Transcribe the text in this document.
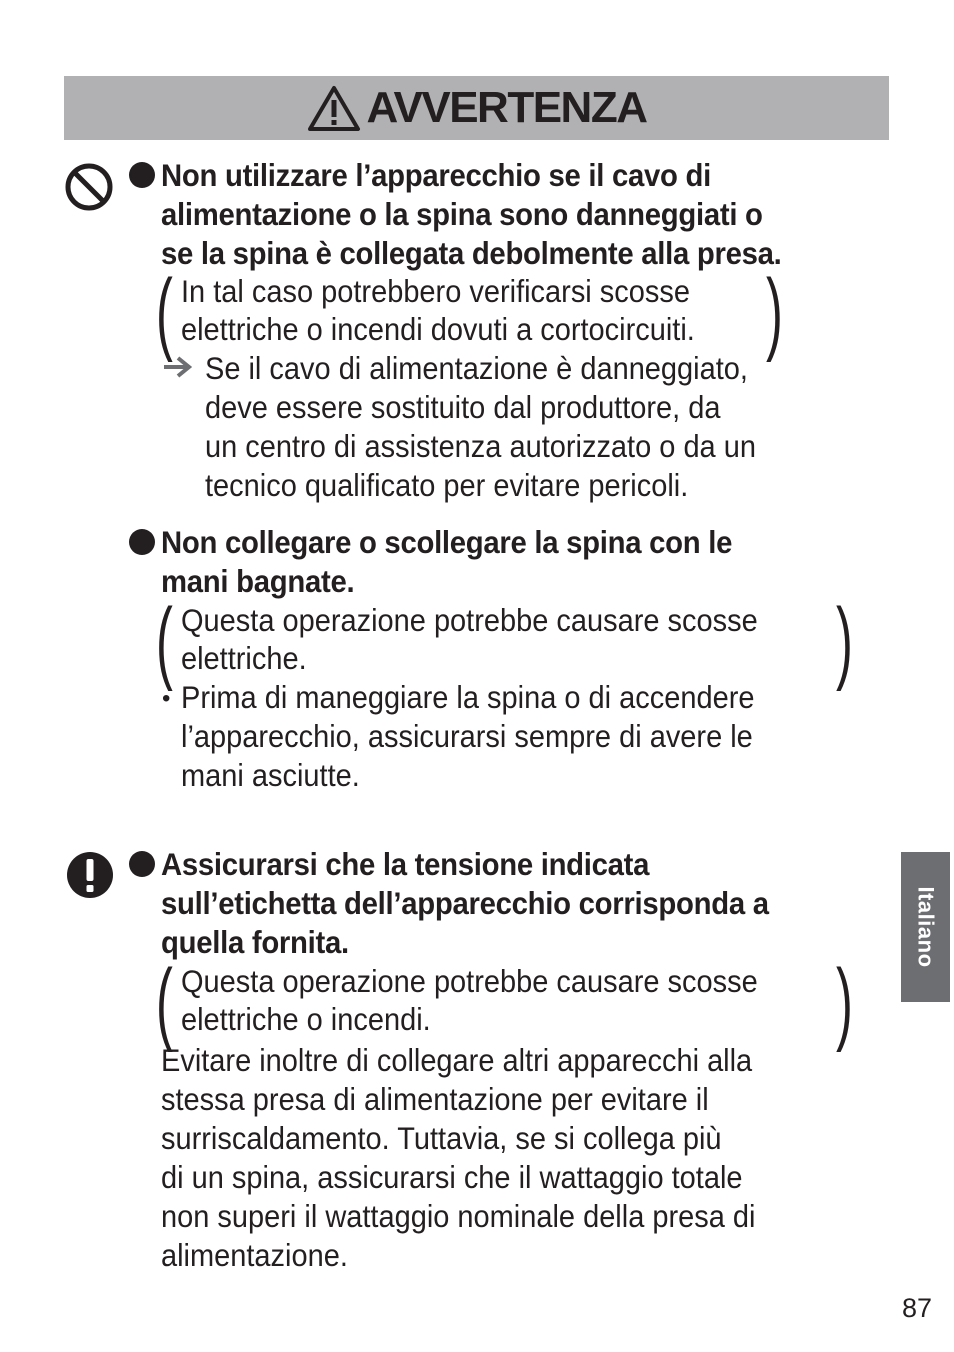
AVVERTENZA
Non utilizzare l’apparecchio se il cavo di
alimentazione o la spina sono danneggiati o
se la spina è collegata debolmente alla presa.
( In tal caso potrebbero verificarsi scosse
elettriche o incendi dovuti a cortocircuiti. )
Se il cavo di alimentazione è danneggiato,
deve essere sostituito dal produttore, da
un centro di assistenza autorizzato o da un
tecnico qualificato per evitare pericoli.
Non collegare o scollegare la spina con le
mani bagnate.
( Questa operazione potrebbe causare scosse
elettriche.	)
• Prima di maneggiare la spina o di accendere
l’apparecchio, assicurarsi sempre di avere le
mani asciutte.
Assicurarsi che la tensione indicata
sull’etichetta dell’apparecchio corrisponda a
quella fornita.
( Questa operazione potrebbe causare scosse
elettriche o incendi.	)
Evitare inoltre di collegare altri apparecchi alla
stessa presa di alimentazione per evitare il
surriscaldamento. Tuttavia, se si collega più
di un spina, assicurarsi che il wattaggio totale
non superi il wattaggio nominale della presa di
alimentazione.
Italiano
87
